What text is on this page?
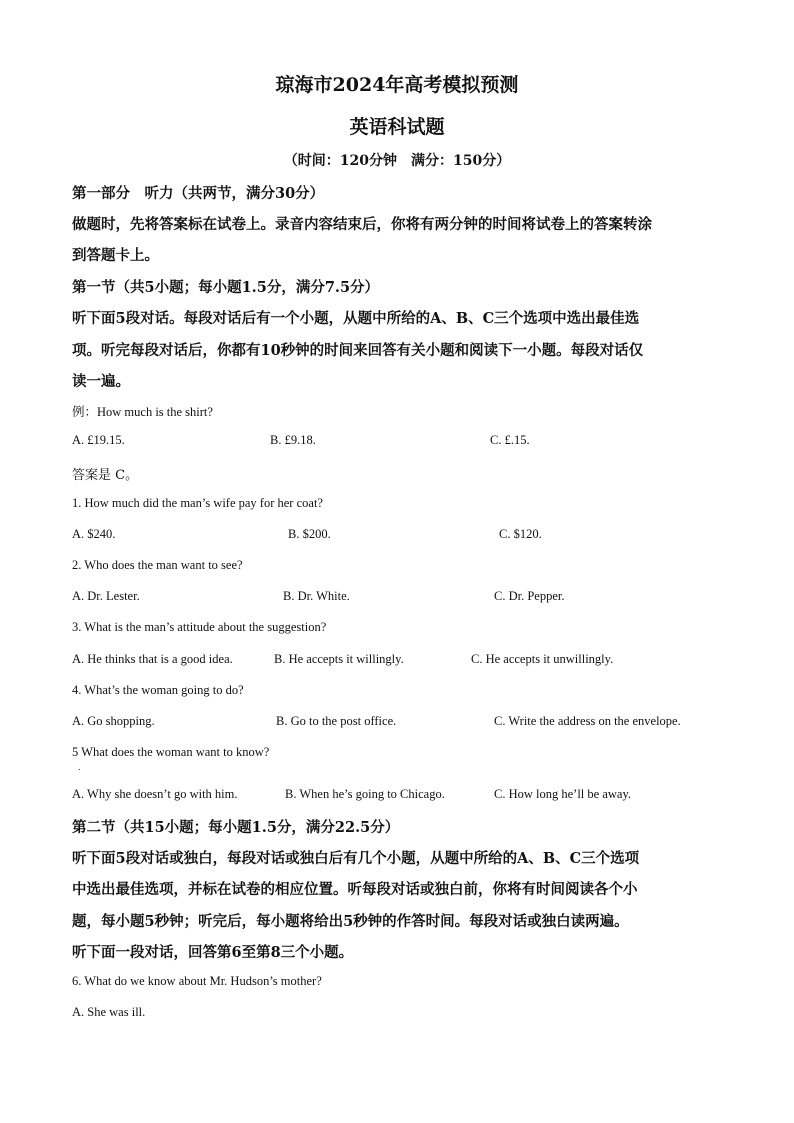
琼海市2024年高考模拟预测
英语科试题
（时间：120分钟　满分：150分）
第一部分　听力（共两节，满分30分）
做题时，先将答案标在试卷上。录音内容结束后，你将有两分钟的时间将试卷上的答案转涂
到答题卡上。
第一节（共5小题；每小题1.5分，满分7.5分）
听下面5段对话。每段对话后有一个小题，从题中所给的A、B、C三个选项中选出最佳选
项。听完每段对话后，你都有10秒钟的时间来回答有关小题和阅读下一小题。每段对话仅
读一遍。
例：How much is the shirt?
A. £19.15.	B. £9.18.	C. £.15.
答案是 C。
1. How much did the man’s wife pay for her coat?
A. $240.	B. $200.	C. $120.
2. Who does the man want to see?
A. Dr. Lester.	B. Dr. White.	C. Dr. Pepper.
3. What is the man’s attitude about the suggestion?
A. He thinks that is a good idea.	B. He accepts it willingly.	C. He accepts it unwillingly.
4. What’s the woman going to do?
A. Go shopping.	B. Go to the post office.	C. Write the address on the envelope.
5 What does the woman want to know?
.
A. Why she doesn’t go with him.	B. When he’s going to Chicago.	C. How long he’ll be away.
第二节（共15小题；每小题1.5分，满分22.5分）
听下面5段对话或独白，每段对话或独白后有几个小题，从题中所给的A、B、C三个选项
中选出最佳选项，并标在试卷的相应位置。听每段对话或独白前，你将有时间阅读各个小
题，每小题5秒钟；听完后，每小题将给出5秒钟的作答时间。每段对话或独白读两遍。
听下面一段对话，回答第6至第8三个小题。
6. What do we know about Mr. Hudson’s mother?
A. She was ill.
